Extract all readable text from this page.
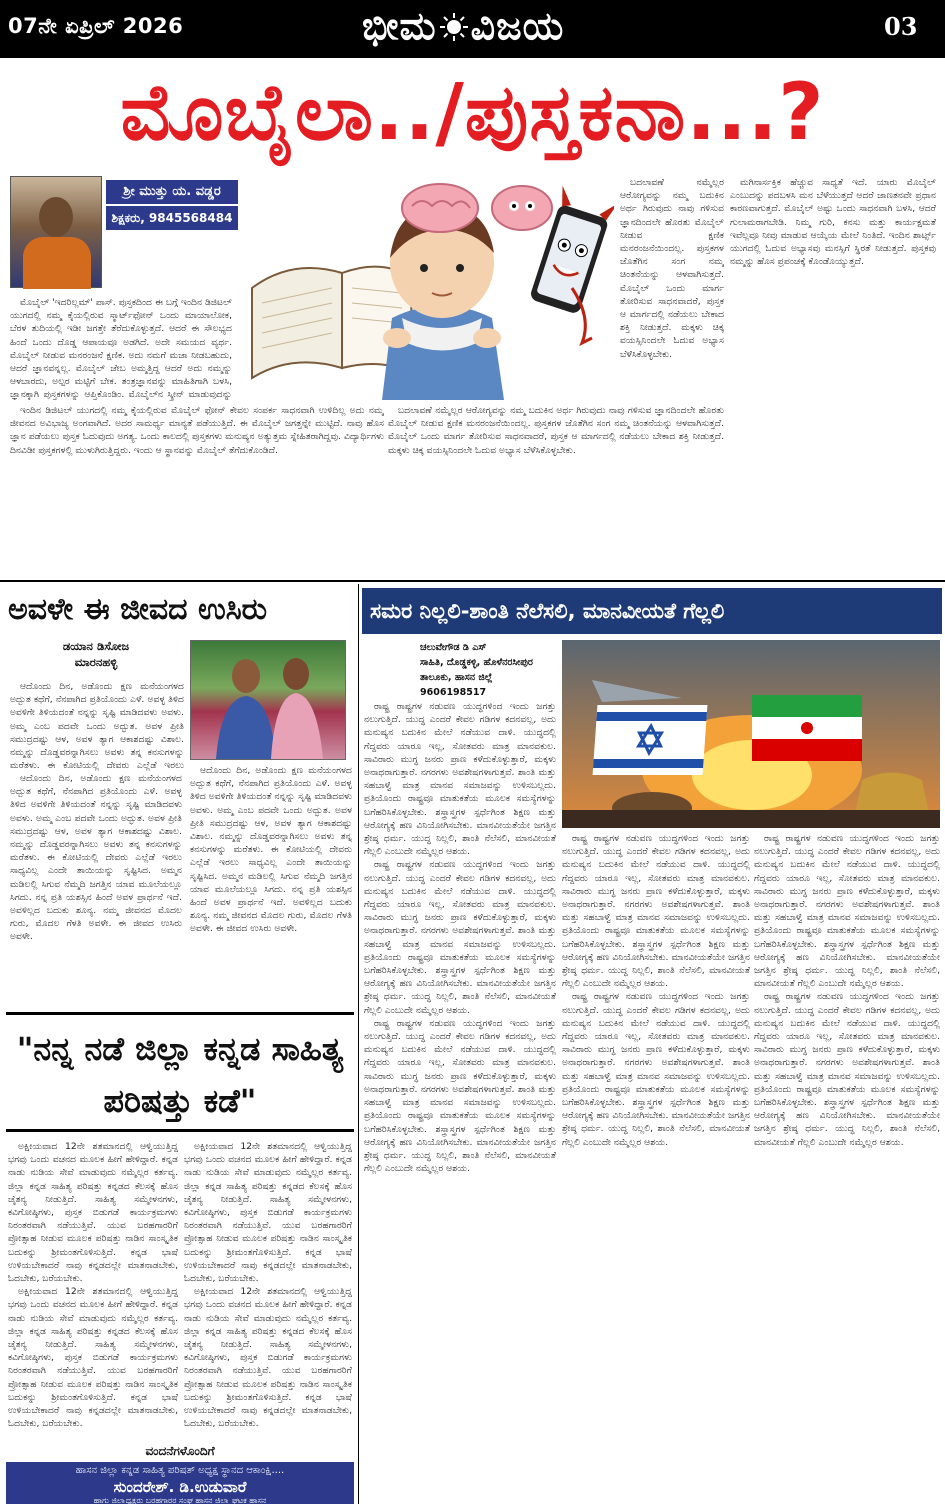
07ನೇ ಏಪ್ರಿಲ್ 2026	ಭೀಮ ವಿಜಯ	03
ಮೊಬೈಲಾ../ಪುಸ್ತಕನಾ...?
ಶ್ರೀ ಮುತ್ತು ಯ. ವಡ್ಡರ
ಶಿಕ್ಷಕರು, 9845568484

ಮೊಬೈಲ್ 'ಇದರಿಲ್ಲಮ್' ಪಾಸ್. ಪುಸ್ತಕದಿಂದ ಈ ಬಗ್ಗೆ ಇಂದಿನ ಡಿಜಿಟಲ್ ಯುಗದಲ್ಲಿ ನಮ್ಮ ಕೈಯಲ್ಲಿರುವ ಸ್ಮಾರ್ಟ್‌ಫೋನ್ ಒಂದು ಮಾಯಾಲೋಕ, ಬೆರಳ ತುದಿಯಲ್ಲಿ ಇಡೀ ಜಗತ್ತೇ ತೆರೆದುಕೊಳ್ಳುತ್ತದೆ. ಆದರೆ ಈ ಸೌಲಭ್ಯದ ಹಿಂದೆ ಒಂದು ದೊಡ್ಡ ಆಪಾಯವೂ ಅಡಗಿದೆ. ಅದೇ ಸಮಯದ ವ್ಯರ್ಥ. ಮೊಬೈಲ್ ನೀಡುವ ಮನರಂಜನೆ ಕ್ಷಣಿಕ. ಅದು ನಮಗೆ ಮಜಾ ನೀಡಬಹುದು, ಆದರೆ ಜ್ಞಾನವನ್ನಲ್ಲ. ಮೊಬೈಲ್ ಜೇಬ ಅಮ್ಮತ್ತಿದ್ದ ಆದರೆ ಅದು ನಮ್ಮನ್ನು ಆಳಬಾರದು, ಅಲ್ಪರ ಮಟ್ಟಿಗೆ ಬೇಕ. ತಂತ್ರಜ್ಞಾನವನ್ನು ಮಾಹಿತಿಗಾಗಿ ಬಳಸಿ, ಜ್ಞಾನಕ್ಕಾಗಿ ಪುಸ್ತಕಗಳನ್ನು ಆಪ್ತಿಕೊಂಡಿಂ. ಮೊಬೈಲ್‌ನ ಸ್ಕ್ರೀನ್ ಮಾಡುವುದನ್ನು

ಇಂದಿನ ಡಿಜಿಟಲ್ ಯುಗದಲ್ಲಿ ನಮ್ಮ ಕೈಯಲ್ಲಿರುವ ಮೊಬೈಲ್ ಫೋನ್ ಕೇವಲ ಸಂಪರ್ಕ ಸಾಧನವಾಗಿ ಉಳಿದಿಲ್ಲ ಅದು ನಮ್ಮ ಜೀವನದ ಅವಿಭಾಜ್ಯ ಅಂಗವಾಗಿದೆ. ಅದರ ಸಾಮರ್ಥ್ಯ ಮಾನ್ಯತೆ ಪಡೆಯುತ್ತಿದೆ. ಈ ಮೊಬೈಲ್ ಜಗತ್ತನ್ನೇ ಮುಟ್ಟಿದೆ. ನಾವು ಹೊಸ ಜ್ಞಾನ ಪಡೆಯಲು ಪುಸ್ತಕ ಓದುವುದು ಅಗತ್ಯ. ಒಂದು ಕಾಲದಲ್ಲಿ ಪುಸ್ತಕಗಳು ಮನುಷ್ಯನ ಅತ್ಯುತ್ತಮ ಸ್ನೇಹಿತರಾಗಿದ್ದವು. ವಿದ್ಯಾರ್ಥಿಗಳು ದಿನವಿಡೀ ಪುಸ್ತಕಗಳಲ್ಲಿ ಮುಳುಗಿರುತ್ತಿದ್ದರು. ಇಂದು ಆ ಸ್ಥಾನವನ್ನು ಮೊಬೈಲ್ ತೆಗೆದುಕೊಂಡಿದೆ.

ಬದಲಾವಣೆ ನಮ್ಮೆಲ್ಲರ ಆರೋಗ್ಯವನ್ನು ನಮ್ಮ ಬದುಕಿನ ಅರ್ಥ ಗಿರುವುದು ನಾವು ಗಳಿಸುವ ಜ್ಞಾನದಿಂದಲೇ ಹೊರತು ಮೊಬೈಲ್ ನೀಡುವ ಕ್ಷಣಿಕ ಮನರಂಜನೆಯಿಂದಲ್ಲ. ಪುಸ್ತಕಗಳ ಜೊತೆಗಿನ ಸಂಗ ನಮ್ಮ ಚಿಂತನೆಯನ್ನು ಆಳವಾಗಿಸುತ್ತದೆ. ಮೊಬೈಲ್ ಒಂದು ಮಾರ್ಗ ತೋರಿಸುವ ಸಾಧನವಾದರೆ, ಪುಸ್ತಕ ಆ ಮಾರ್ಗದಲ್ಲಿ ನಡೆಯಲು ಬೇಕಾದ ಶಕ್ತಿ ನೀಡುತ್ತದೆ. ಮಕ್ಕಳು ಚಿಕ್ಕ ವಯಸ್ಸಿನಿಂದಲೇ ಓದುವ ಅಭ್ಯಾಸ ಬೆಳೆಸಿಕೊಳ್ಳಬೇಕು.

ಬದಲಾವಣೆ ನಮ್ಮೆಲ್ಲರ ಆರೋಗ್ಯವನ್ನು ನಮ್ಮ ಬದುಕಿನ ಅರ್ಥ ಗಿರುವುದು ನಾವು ಗಳಿಸುವ ಜ್ಞಾನದಿಂದಲೇ ಹೊರತು ಮೊಬೈಲ್ ನೀಡುವ ಕ್ಷಣಿಕ ಮನರಂಜನೆಯಿಂದಲ್ಲ. ಪುಸ್ತಕಗಳ ಜೊತೆಗಿನ ಸಂಗ ನಮ್ಮ ಚಿಂತನೆಯನ್ನು ಆಳವಾಗಿಸುತ್ತದೆ. ಮೊಬೈಲ್ ಒಂದು ಮಾರ್ಗ ತೋರಿಸುವ ಸಾಧನವಾದರೆ, ಪುಸ್ತಕ ಆ ಮಾರ್ಗದಲ್ಲಿ ನಡೆಯಲು ಬೇಕಾದ ಶಕ್ತಿ ನೀಡುತ್ತದೆ. ಮಕ್ಕಳು ಚಿಕ್ಕ ವಯಸ್ಸಿನಿಂದಲೇ ಓದುವ ಅಭ್ಯಾಸ ಬೆಳೆಸಿಕೊಳ್ಳಬೇಕು.

ಮಗಿನಾರ್ಸಕ್ತಿಕ ಹೆಚ್ಚುವ ಸಾಧ್ಯತೆ ಇದೆ. ಯಾರು ಮೊಬೈಲ್ ಎಂಬುದನ್ನು ಪದಬಳಸಿ ಮನ ಬೆಳೆಯುತ್ತದೆ ಆದರೆ ಜಾಣತನವೇ ಪ್ರಧಾನ ಕಾರಣವಾಗುತ್ತದೆ. ಮೊಬೈಲ್ ಅಷ್ಟು ಒಂದು ಸಾಧನವಾಗಿ ಬಳಸಿ, ಆದರೆ ಗುಲಾಮರಾಗಬೇಡಿ. ನಿಮ್ಮ ಗುರಿ, ಕನಸು ಮತ್ತು ಕಾರ್ಯಕ್ಷಮತೆ ಇವೆಲ್ಲವೂ ನೀವು ಮಾಡುವ ಆಯ್ಕೆಯ ಮೇಲೆ ನಿಂತಿದೆ. ಇಂದಿನ ಶಾರ್ಟ್ಸ್ ಯುಗದಲ್ಲಿ ಓದುವ ಅಭ್ಯಾಸವು ಮನಸ್ಸಿಗೆ ಸ್ಥಿರತೆ ನೀಡುತ್ತದೆ. ಪುಸ್ತಕವು ನಮ್ಮನ್ನು ಹೊಸ ಪ್ರಪಂಚಕ್ಕೆ ಕೊಂಡೊಯ್ಯುತ್ತದೆ.

ಅವಳೇ ಈ ಜೀವದ ಉಸಿರು
ಡಯಾನ ಡಿಸೋಜ
ಮಾರನಹಳ್ಳಿ

ಆದೊಂದು ದಿನ, ಅಡೊಂದು ಕ್ಷಣ ಮನೆಯಂಗಳದ ಅದ್ಬುತ ಕಥೆಗೆ, ನೆನಪಾಗಿದ ಪ್ರತಿಯೊಂದು ಎಳೆ. ಅವಳ್ಳ ತಿಳಿದ ಅವಳಿಗೇ ತಿಳಿಯದಂತೆ ನನ್ನನ್ನು ಸೃಷ್ಟಿ ಮಾಡಿದವಳು ಅವಳು. ಅಮ್ಮ ಎಂಬ ಪದವೇ ಒಂದು ಅದ್ಭುತ. ಅವಳ ಪ್ರೀತಿ ಸಮುದ್ರದಷ್ಟು ಆಳ, ಅವಳ ತ್ಯಾಗ ಆಕಾಶದಷ್ಟು ವಿಶಾಲ. ನಮ್ಮನ್ನು ದೊಡ್ಡವರನ್ನಾಗಿಸಲು ಅವಳು ತನ್ನ ಕನಸುಗಳನ್ನು ಮರೆತಳು. ಈ ಕೋಟಿಯಲ್ಲಿ ದೇವರು ಎಲ್ಲೆಡೆ ಇರಲು

ಆದೊಂದು ದಿನ, ಅಡೊಂದು ಕ್ಷಣ ಮನೆಯಂಗಳದ ಅದ್ಬುತ ಕಥೆಗೆ, ನೆನಪಾಗಿದ ಪ್ರತಿಯೊಂದು ಎಳೆ. ಅವಳ್ಳ ತಿಳಿದ ಅವಳಿಗೇ ತಿಳಿಯದಂತೆ ನನ್ನನ್ನು ಸೃಷ್ಟಿ ಮಾಡಿದವಳು ಅವಳು. ಅಮ್ಮ ಎಂಬ ಪದವೇ ಒಂದು ಅದ್ಭುತ. ಅವಳ ಪ್ರೀತಿ ಸಮುದ್ರದಷ್ಟು ಆಳ, ಅವಳ ತ್ಯಾಗ ಆಕಾಶದಷ್ಟು ವಿಶಾಲ. ನಮ್ಮನ್ನು ದೊಡ್ಡವರನ್ನಾಗಿಸಲು ಅವಳು ತನ್ನ ಕನಸುಗಳನ್ನು ಮರೆತಳು. ಈ ಕೋಟಿಯಲ್ಲಿ ದೇವರು ಎಲ್ಲೆಡೆ ಇರಲು ಸಾಧ್ಯವಿಲ್ಲ ಎಂದೇ ತಾಯಿಯನ್ನು ಸೃಷ್ಟಿಸಿದ. ಅಮ್ಮನ ಮಡಿಲಲ್ಲಿ ಸಿಗುವ ನೆಮ್ಮದಿ ಜಗತ್ತಿನ ಯಾವ ಮೂಲೆಯಲ್ಲೂ ಸಿಗದು. ನನ್ನ ಪ್ರತಿ ಯಶಸ್ಸಿನ ಹಿಂದೆ ಅವಳ ಪ್ರಾರ್ಥನೆ ಇದೆ. ಅವಳಿಲ್ಲದ ಬದುಕು ಶೂನ್ಯ. ನಮ್ಮ ಜೀವನದ ಮೊದಲ ಗುರು, ಮೊದಲ ಗೆಳತಿ ಅವಳೇ. ಈ ಜೀವದ ಉಸಿರು ಅವಳೇ.

ಆದೊಂದು ದಿನ, ಅಡೊಂದು ಕ್ಷಣ ಮನೆಯಂಗಳದ ಅದ್ಬುತ ಕಥೆಗೆ, ನೆನಪಾಗಿದ ಪ್ರತಿಯೊಂದು ಎಳೆ. ಅವಳ್ಳ ತಿಳಿದ ಅವಳಿಗೇ ತಿಳಿಯದಂತೆ ನನ್ನನ್ನು ಸೃಷ್ಟಿ ಮಾಡಿದವಳು ಅವಳು. ಅಮ್ಮ ಎಂಬ ಪದವೇ ಒಂದು ಅದ್ಭುತ. ಅವಳ ಪ್ರೀತಿ ಸಮುದ್ರದಷ್ಟು ಆಳ, ಅವಳ ತ್ಯಾಗ ಆಕಾಶದಷ್ಟು ವಿಶಾಲ. ನಮ್ಮನ್ನು ದೊಡ್ಡವರನ್ನಾಗಿಸಲು ಅವಳು ತನ್ನ ಕನಸುಗಳನ್ನು ಮರೆತಳು. ಈ ಕೋಟಿಯಲ್ಲಿ ದೇವರು ಎಲ್ಲೆಡೆ ಇರಲು ಸಾಧ್ಯವಿಲ್ಲ ಎಂದೇ ತಾಯಿಯನ್ನು ಸೃಷ್ಟಿಸಿದ. ಅಮ್ಮನ ಮಡಿಲಲ್ಲಿ ಸಿಗುವ ನೆಮ್ಮದಿ ಜಗತ್ತಿನ ಯಾವ ಮೂಲೆಯಲ್ಲೂ ಸಿಗದು. ನನ್ನ ಪ್ರತಿ ಯಶಸ್ಸಿನ ಹಿಂದೆ ಅವಳ ಪ್ರಾರ್ಥನೆ ಇದೆ. ಅವಳಿಲ್ಲದ ಬದುಕು ಶೂನ್ಯ. ನಮ್ಮ ಜೀವನದ ಮೊದಲ ಗುರು, ಮೊದಲ ಗೆಳತಿ ಅವಳೇ. ಈ ಜೀವದ ಉಸಿರು ಅವಳೇ.

ಸಮರ ನಿಲ್ಲಲಿ-ಶಾಂತಿ ನೆಲೆಸಲಿ, ಮಾನವೀಯತೆ ಗೆಲ್ಲಲಿ
ಚಲುವೇಗೌಡ ಡಿ ಎಸ್
ಸಾಹಿತಿ, ದೊಡ್ಡಕಳ್ಳಿ, ಹೊಳೆನರಸೀಪುರ
ತಾಲೂಕು, ಹಾಸನ ಜಿಲ್ಲೆ
9606198517

ರಾಷ್ಟ್ರ ರಾಷ್ಟ್ರಗಳ ನಡುವಣ ಯುದ್ಧಗಳಿಂದ ಇಂದು ಜಗತ್ತು ನಲುಗುತ್ತಿದೆ. ಯುದ್ಧ ಎಂದರೆ ಕೇವಲ ಗಡಿಗಳ ಕದನವಲ್ಲ, ಅದು ಮನುಷ್ಯನ ಬದುಕಿನ ಮೇಲೆ ನಡೆಯುವ ದಾಳಿ. ಯುದ್ಧದಲ್ಲಿ ಗೆದ್ದವರು ಯಾರೂ ಇಲ್ಲ, ಸೋತವರು ಮಾತ್ರ ಮಾನವಕುಲ. ಸಾವಿರಾರು ಮುಗ್ಧ ಜನರು ಪ್ರಾಣ ಕಳೆದುಕೊಳ್ಳುತ್ತಾರೆ, ಮಕ್ಕಳು ಅನಾಥರಾಗುತ್ತಾರೆ. ನಗರಗಳು ಅವಶೇಷಗಳಾಗುತ್ತವೆ. ಶಾಂತಿ ಮತ್ತು ಸಹಬಾಳ್ವೆ ಮಾತ್ರ ಮಾನವ ಸಮಾಜವನ್ನು ಉಳಿಸಬಲ್ಲದು. ಪ್ರತಿಯೊಂದು ರಾಷ್ಟ್ರವೂ ಮಾತುಕತೆಯ ಮೂಲಕ ಸಮಸ್ಯೆಗಳನ್ನು ಬಗೆಹರಿಸಿಕೊಳ್ಳಬೇಕು. ಶಸ್ತ್ರಾಸ್ತ್ರಗಳ ಸ್ಪರ್ಧೆಗಿಂತ ಶಿಕ್ಷಣ ಮತ್ತು ಆರೋಗ್ಯಕ್ಕೆ ಹಣ ವಿನಿಯೋಗಿಸಬೇಕು. ಮಾನವೀಯತೆಯೇ ಜಗತ್ತಿನ ಶ್ರೇಷ್ಠ ಧರ್ಮ. ಯುದ್ಧ ನಿಲ್ಲಲಿ, ಶಾಂತಿ ನೆಲೆಸಲಿ, ಮಾನವೀಯತೆ ಗೆಲ್ಲಲಿ ಎಂಬುದೇ ನಮ್ಮೆಲ್ಲರ ಆಶಯ.

ರಾಷ್ಟ್ರ ರಾಷ್ಟ್ರಗಳ ನಡುವಣ ಯುದ್ಧಗಳಿಂದ ಇಂದು ಜಗತ್ತು ನಲುಗುತ್ತಿದೆ. ಯುದ್ಧ ಎಂದರೆ ಕೇವಲ ಗಡಿಗಳ ಕದನವಲ್ಲ, ಅದು ಮನುಷ್ಯನ ಬದುಕಿನ ಮೇಲೆ ನಡೆಯುವ ದಾಳಿ. ಯುದ್ಧದಲ್ಲಿ ಗೆದ್ದವರು ಯಾರೂ ಇಲ್ಲ, ಸೋತವರು ಮಾತ್ರ ಮಾನವಕುಲ. ಸಾವಿರಾರು ಮುಗ್ಧ ಜನರು ಪ್ರಾಣ ಕಳೆದುಕೊಳ್ಳುತ್ತಾರೆ, ಮಕ್ಕಳು ಅನಾಥರಾಗುತ್ತಾರೆ. ನಗರಗಳು ಅವಶೇಷಗಳಾಗುತ್ತವೆ. ಶಾಂತಿ ಮತ್ತು ಸಹಬಾಳ್ವೆ ಮಾತ್ರ ಮಾನವ ಸಮಾಜವನ್ನು ಉಳಿಸಬಲ್ಲದು. ಪ್ರತಿಯೊಂದು ರಾಷ್ಟ್ರವೂ ಮಾತುಕತೆಯ ಮೂಲಕ ಸಮಸ್ಯೆಗಳನ್ನು ಬಗೆಹರಿಸಿಕೊಳ್ಳಬೇಕು. ಶಸ್ತ್ರಾಸ್ತ್ರಗಳ ಸ್ಪರ್ಧೆಗಿಂತ ಶಿಕ್ಷಣ ಮತ್ತು ಆರೋಗ್ಯಕ್ಕೆ ಹಣ ವಿನಿಯೋಗಿಸಬೇಕು. ಮಾನವೀಯತೆಯೇ ಜಗತ್ತಿನ ಶ್ರೇಷ್ಠ ಧರ್ಮ. ಯುದ್ಧ ನಿಲ್ಲಲಿ, ಶಾಂತಿ ನೆಲೆಸಲಿ, ಮಾನವೀಯತೆ ಗೆಲ್ಲಲಿ ಎಂಬುದೇ ನಮ್ಮೆಲ್ಲರ ಆಶಯ.

ರಾಷ್ಟ್ರ ರಾಷ್ಟ್ರಗಳ ನಡುವಣ ಯುದ್ಧಗಳಿಂದ ಇಂದು ಜಗತ್ತು ನಲುಗುತ್ತಿದೆ. ಯುದ್ಧ ಎಂದರೆ ಕೇವಲ ಗಡಿಗಳ ಕದನವಲ್ಲ, ಅದು ಮನುಷ್ಯನ ಬದುಕಿನ ಮೇಲೆ ನಡೆಯುವ ದಾಳಿ. ಯುದ್ಧದಲ್ಲಿ ಗೆದ್ದವರು ಯಾರೂ ಇಲ್ಲ, ಸೋತವರು ಮಾತ್ರ ಮಾನವಕುಲ. ಸಾವಿರಾರು ಮುಗ್ಧ ಜನರು ಪ್ರಾಣ ಕಳೆದುಕೊಳ್ಳುತ್ತಾರೆ, ಮಕ್ಕಳು ಅನಾಥರಾಗುತ್ತಾರೆ. ನಗರಗಳು ಅವಶೇಷಗಳಾಗುತ್ತವೆ. ಶಾಂತಿ ಮತ್ತು ಸಹಬಾಳ್ವೆ ಮಾತ್ರ ಮಾನವ ಸಮಾಜವನ್ನು ಉಳಿಸಬಲ್ಲದು. ಪ್ರತಿಯೊಂದು ರಾಷ್ಟ್ರವೂ ಮಾತುಕತೆಯ ಮೂಲಕ ಸಮಸ್ಯೆಗಳನ್ನು ಬಗೆಹರಿಸಿಕೊಳ್ಳಬೇಕು. ಶಸ್ತ್ರಾಸ್ತ್ರಗಳ ಸ್ಪರ್ಧೆಗಿಂತ ಶಿಕ್ಷಣ ಮತ್ತು ಆರೋಗ್ಯಕ್ಕೆ ಹಣ ವಿನಿಯೋಗಿಸಬೇಕು. ಮಾನವೀಯತೆಯೇ ಜಗತ್ತಿನ ಶ್ರೇಷ್ಠ ಧರ್ಮ. ಯುದ್ಧ ನಿಲ್ಲಲಿ, ಶಾಂತಿ ನೆಲೆಸಲಿ, ಮಾನವೀಯತೆ ಗೆಲ್ಲಲಿ ಎಂಬುದೇ ನಮ್ಮೆಲ್ಲರ ಆಶಯ.

ರಾಷ್ಟ್ರ ರಾಷ್ಟ್ರಗಳ ನಡುವಣ ಯುದ್ಧಗಳಿಂದ ಇಂದು ಜಗತ್ತು ನಲುಗುತ್ತಿದೆ. ಯುದ್ಧ ಎಂದರೆ ಕೇವಲ ಗಡಿಗಳ ಕದನವಲ್ಲ, ಅದು ಮನುಷ್ಯನ ಬದುಕಿನ ಮೇಲೆ ನಡೆಯುವ ದಾಳಿ. ಯುದ್ಧದಲ್ಲಿ ಗೆದ್ದವರು ಯಾರೂ ಇಲ್ಲ, ಸೋತವರು ಮಾತ್ರ ಮಾನವಕುಲ. ಸಾವಿರಾರು ಮುಗ್ಧ ಜನರು ಪ್ರಾಣ ಕಳೆದುಕೊಳ್ಳುತ್ತಾರೆ, ಮಕ್ಕಳು ಅನಾಥರಾಗುತ್ತಾರೆ. ನಗರಗಳು ಅವಶೇಷಗಳಾಗುತ್ತವೆ. ಶಾಂತಿ ಮತ್ತು ಸಹಬಾಳ್ವೆ ಮಾತ್ರ ಮಾನವ ಸಮಾಜವನ್ನು ಉಳಿಸಬಲ್ಲದು. ಪ್ರತಿಯೊಂದು ರಾಷ್ಟ್ರವೂ ಮಾತುಕತೆಯ ಮೂಲಕ ಸಮಸ್ಯೆಗಳನ್ನು ಬಗೆಹರಿಸಿಕೊಳ್ಳಬೇಕು. ಶಸ್ತ್ರಾಸ್ತ್ರಗಳ ಸ್ಪರ್ಧೆಗಿಂತ ಶಿಕ್ಷಣ ಮತ್ತು ಆರೋಗ್ಯಕ್ಕೆ ಹಣ ವಿನಿಯೋಗಿಸಬೇಕು. ಮಾನವೀಯತೆಯೇ ಜಗತ್ತಿನ ಶ್ರೇಷ್ಠ ಧರ್ಮ. ಯುದ್ಧ ನಿಲ್ಲಲಿ, ಶಾಂತಿ ನೆಲೆಸಲಿ, ಮಾನವೀಯತೆ ಗೆಲ್ಲಲಿ ಎಂಬುದೇ ನಮ್ಮೆಲ್ಲರ ಆಶಯ.

ರಾಷ್ಟ್ರ ರಾಷ್ಟ್ರಗಳ ನಡುವಣ ಯುದ್ಧಗಳಿಂದ ಇಂದು ಜಗತ್ತು ನಲುಗುತ್ತಿದೆ. ಯುದ್ಧ ಎಂದರೆ ಕೇವಲ ಗಡಿಗಳ ಕದನವಲ್ಲ, ಅದು ಮನುಷ್ಯನ ಬದುಕಿನ ಮೇಲೆ ನಡೆಯುವ ದಾಳಿ. ಯುದ್ಧದಲ್ಲಿ ಗೆದ್ದವರು ಯಾರೂ ಇಲ್ಲ, ಸೋತವರು ಮಾತ್ರ ಮಾನವಕುಲ. ಸಾವಿರಾರು ಮುಗ್ಧ ಜನರು ಪ್ರಾಣ ಕಳೆದುಕೊಳ್ಳುತ್ತಾರೆ, ಮಕ್ಕಳು ಅನಾಥರಾಗುತ್ತಾರೆ. ನಗರಗಳು ಅವಶೇಷಗಳಾಗುತ್ತವೆ. ಶಾಂತಿ ಮತ್ತು ಸಹಬಾಳ್ವೆ ಮಾತ್ರ ಮಾನವ ಸಮಾಜವನ್ನು ಉಳಿಸಬಲ್ಲದು. ಪ್ರತಿಯೊಂದು ರಾಷ್ಟ್ರವೂ ಮಾತುಕತೆಯ ಮೂಲಕ ಸಮಸ್ಯೆಗಳನ್ನು ಬಗೆಹರಿಸಿಕೊಳ್ಳಬೇಕು. ಶಸ್ತ್ರಾಸ್ತ್ರಗಳ ಸ್ಪರ್ಧೆಗಿಂತ ಶಿಕ್ಷಣ ಮತ್ತು ಆರೋಗ್ಯಕ್ಕೆ ಹಣ ವಿನಿಯೋಗಿಸಬೇಕು. ಮಾನವೀಯತೆಯೇ ಜಗತ್ತಿನ ಶ್ರೇಷ್ಠ ಧರ್ಮ. ಯುದ್ಧ ನಿಲ್ಲಲಿ, ಶಾಂತಿ ನೆಲೆಸಲಿ, ಮಾನವೀಯತೆ ಗೆಲ್ಲಲಿ ಎಂಬುದೇ ನಮ್ಮೆಲ್ಲರ ಆಶಯ.

ರಾಷ್ಟ್ರ ರಾಷ್ಟ್ರಗಳ ನಡುವಣ ಯುದ್ಧಗಳಿಂದ ಇಂದು ಜಗತ್ತು ನಲುಗುತ್ತಿದೆ. ಯುದ್ಧ ಎಂದರೆ ಕೇವಲ ಗಡಿಗಳ ಕದನವಲ್ಲ, ಅದು ಮನುಷ್ಯನ ಬದುಕಿನ ಮೇಲೆ ನಡೆಯುವ ದಾಳಿ. ಯುದ್ಧದಲ್ಲಿ ಗೆದ್ದವರು ಯಾರೂ ಇಲ್ಲ, ಸೋತವರು ಮಾತ್ರ ಮಾನವಕುಲ. ಸಾವಿರಾರು ಮುಗ್ಧ ಜನರು ಪ್ರಾಣ ಕಳೆದುಕೊಳ್ಳುತ್ತಾರೆ, ಮಕ್ಕಳು ಅನಾಥರಾಗುತ್ತಾರೆ. ನಗರಗಳು ಅವಶೇಷಗಳಾಗುತ್ತವೆ. ಶಾಂತಿ ಮತ್ತು ಸಹಬಾಳ್ವೆ ಮಾತ್ರ ಮಾನವ ಸಮಾಜವನ್ನು ಉಳಿಸಬಲ್ಲದು. ಪ್ರತಿಯೊಂದು ರಾಷ್ಟ್ರವೂ ಮಾತುಕತೆಯ ಮೂಲಕ ಸಮಸ್ಯೆಗಳನ್ನು ಬಗೆಹರಿಸಿಕೊಳ್ಳಬೇಕು. ಶಸ್ತ್ರಾಸ್ತ್ರಗಳ ಸ್ಪರ್ಧೆಗಿಂತ ಶಿಕ್ಷಣ ಮತ್ತು ಆರೋಗ್ಯಕ್ಕೆ ಹಣ ವಿನಿಯೋಗಿಸಬೇಕು. ಮಾನವೀಯತೆಯೇ ಜಗತ್ತಿನ ಶ್ರೇಷ್ಠ ಧರ್ಮ. ಯುದ್ಧ ನಿಲ್ಲಲಿ, ಶಾಂತಿ ನೆಲೆಸಲಿ, ಮಾನವೀಯತೆ ಗೆಲ್ಲಲಿ ಎಂಬುದೇ ನಮ್ಮೆಲ್ಲರ ಆಶಯ.

ರಾಷ್ಟ್ರ ರಾಷ್ಟ್ರಗಳ ನಡುವಣ ಯುದ್ಧಗಳಿಂದ ಇಂದು ಜಗತ್ತು ನಲುಗುತ್ತಿದೆ. ಯುದ್ಧ ಎಂದರೆ ಕೇವಲ ಗಡಿಗಳ ಕದನವಲ್ಲ, ಅದು ಮನುಷ್ಯನ ಬದುಕಿನ ಮೇಲೆ ನಡೆಯುವ ದಾಳಿ. ಯುದ್ಧದಲ್ಲಿ ಗೆದ್ದವರು ಯಾರೂ ಇಲ್ಲ, ಸೋತವರು ಮಾತ್ರ ಮಾನವಕುಲ. ಸಾವಿರಾರು ಮುಗ್ಧ ಜನರು ಪ್ರಾಣ ಕಳೆದುಕೊಳ್ಳುತ್ತಾರೆ, ಮಕ್ಕಳು ಅನಾಥರಾಗುತ್ತಾರೆ. ನಗರಗಳು ಅವಶೇಷಗಳಾಗುತ್ತವೆ. ಶಾಂತಿ ಮತ್ತು ಸಹಬಾಳ್ವೆ ಮಾತ್ರ ಮಾನವ ಸಮಾಜವನ್ನು ಉಳಿಸಬಲ್ಲದು. ಪ್ರತಿಯೊಂದು ರಾಷ್ಟ್ರವೂ ಮಾತುಕತೆಯ ಮೂಲಕ ಸಮಸ್ಯೆಗಳನ್ನು ಬಗೆಹರಿಸಿಕೊಳ್ಳಬೇಕು. ಶಸ್ತ್ರಾಸ್ತ್ರಗಳ ಸ್ಪರ್ಧೆಗಿಂತ ಶಿಕ್ಷಣ ಮತ್ತು ಆರೋಗ್ಯಕ್ಕೆ ಹಣ ವಿನಿಯೋಗಿಸಬೇಕು. ಮಾನವೀಯತೆಯೇ ಜಗತ್ತಿನ ಶ್ರೇಷ್ಠ ಧರ್ಮ. ಯುದ್ಧ ನಿಲ್ಲಲಿ, ಶಾಂತಿ ನೆಲೆಸಲಿ, ಮಾನವೀಯತೆ ಗೆಲ್ಲಲಿ ಎಂಬುದೇ ನಮ್ಮೆಲ್ಲರ ಆಶಯ.

"ನನ್ನ ನಡೆ ಜಿಲ್ಲಾ ಕನ್ನಡ ಸಾಹಿತ್ಯ ಪರಿಷತ್ತು ಕಡೆ"

ಅಕ್ಷೀಯವಾದ 12ನೇ ಶತಮಾನದಲ್ಲಿ ಆಳ್ವಿಯುತ್ತಿದ್ದ ಭಗವು ಒಂದು ವಚನದ ಮೂಲಕ ಹೀಗೆ ಹೇಳಿದ್ದಾರೆ. ಕನ್ನಡ ನಾಡು ನುಡಿಯ ಸೇವೆ ಮಾಡುವುದು ನಮ್ಮೆಲ್ಲರ ಕರ್ತವ್ಯ. ಜಿಲ್ಲಾ ಕನ್ನಡ ಸಾಹಿತ್ಯ ಪರಿಷತ್ತು ಕನ್ನಡದ ಕೆಲಸಕ್ಕೆ ಹೊಸ ಚೈತನ್ಯ ನೀಡುತ್ತಿದೆ. ಸಾಹಿತ್ಯ ಸಮ್ಮೇಳನಗಳು, ಕವಿಗೋಷ್ಠಿಗಳು, ಪುಸ್ತಕ ಬಿಡುಗಡೆ ಕಾರ್ಯಕ್ರಮಗಳು ನಿರಂತರವಾಗಿ ನಡೆಯುತ್ತಿವೆ. ಯುವ ಬರಹಗಾರರಿಗೆ ಪ್ರೋತ್ಸಾಹ ನೀಡುವ ಮೂಲಕ ಪರಿಷತ್ತು ನಾಡಿನ ಸಾಂಸ್ಕೃತಿಕ ಬದುಕನ್ನು ಶ್ರೀಮಂತಗೊಳಿಸುತ್ತಿದೆ. ಕನ್ನಡ ಭಾಷೆ ಉಳಿಯಬೇಕಾದರೆ ನಾವು ಕನ್ನಡದಲ್ಲೇ ಮಾತನಾಡಬೇಕು, ಓದಬೇಕು, ಬರೆಯಬೇಕು.

ಅಕ್ಷೀಯವಾದ 12ನೇ ಶತಮಾನದಲ್ಲಿ ಆಳ್ವಿಯುತ್ತಿದ್ದ ಭಗವು ಒಂದು ವಚನದ ಮೂಲಕ ಹೀಗೆ ಹೇಳಿದ್ದಾರೆ. ಕನ್ನಡ ನಾಡು ನುಡಿಯ ಸೇವೆ ಮಾಡುವುದು ನಮ್ಮೆಲ್ಲರ ಕರ್ತವ್ಯ. ಜಿಲ್ಲಾ ಕನ್ನಡ ಸಾಹಿತ್ಯ ಪರಿಷತ್ತು ಕನ್ನಡದ ಕೆಲಸಕ್ಕೆ ಹೊಸ ಚೈತನ್ಯ ನೀಡುತ್ತಿದೆ. ಸಾಹಿತ್ಯ ಸಮ್ಮೇಳನಗಳು, ಕವಿಗೋಷ್ಠಿಗಳು, ಪುಸ್ತಕ ಬಿಡುಗಡೆ ಕಾರ್ಯಕ್ರಮಗಳು ನಿರಂತರವಾಗಿ ನಡೆಯುತ್ತಿವೆ. ಯುವ ಬರಹಗಾರರಿಗೆ ಪ್ರೋತ್ಸಾಹ ನೀಡುವ ಮೂಲಕ ಪರಿಷತ್ತು ನಾಡಿನ ಸಾಂಸ್ಕೃತಿಕ ಬದುಕನ್ನು ಶ್ರೀಮಂತಗೊಳಿಸುತ್ತಿದೆ. ಕನ್ನಡ ಭಾಷೆ ಉಳಿಯಬೇಕಾದರೆ ನಾವು ಕನ್ನಡದಲ್ಲೇ ಮಾತನಾಡಬೇಕು, ಓದಬೇಕು, ಬರೆಯಬೇಕು.

ಅಕ್ಷೀಯವಾದ 12ನೇ ಶತಮಾನದಲ್ಲಿ ಆಳ್ವಿಯುತ್ತಿದ್ದ ಭಗವು ಒಂದು ವಚನದ ಮೂಲಕ ಹೀಗೆ ಹೇಳಿದ್ದಾರೆ. ಕನ್ನಡ ನಾಡು ನುಡಿಯ ಸೇವೆ ಮಾಡುವುದು ನಮ್ಮೆಲ್ಲರ ಕರ್ತವ್ಯ. ಜಿಲ್ಲಾ ಕನ್ನಡ ಸಾಹಿತ್ಯ ಪರಿಷತ್ತು ಕನ್ನಡದ ಕೆಲಸಕ್ಕೆ ಹೊಸ ಚೈತನ್ಯ ನೀಡುತ್ತಿದೆ. ಸಾಹಿತ್ಯ ಸಮ್ಮೇಳನಗಳು, ಕವಿಗೋಷ್ಠಿಗಳು, ಪುಸ್ತಕ ಬಿಡುಗಡೆ ಕಾರ್ಯಕ್ರಮಗಳು ನಿರಂತರವಾಗಿ ನಡೆಯುತ್ತಿವೆ. ಯುವ ಬರಹಗಾರರಿಗೆ ಪ್ರೋತ್ಸಾಹ ನೀಡುವ ಮೂಲಕ ಪರಿಷತ್ತು ನಾಡಿನ ಸಾಂಸ್ಕೃತಿಕ ಬದುಕನ್ನು ಶ್ರೀಮಂತಗೊಳಿಸುತ್ತಿದೆ. ಕನ್ನಡ ಭಾಷೆ ಉಳಿಯಬೇಕಾದರೆ ನಾವು ಕನ್ನಡದಲ್ಲೇ ಮಾತನಾಡಬೇಕು, ಓದಬೇಕು, ಬರೆಯಬೇಕು.

ಅಕ್ಷೀಯವಾದ 12ನೇ ಶತಮಾನದಲ್ಲಿ ಆಳ್ವಿಯುತ್ತಿದ್ದ ಭಗವು ಒಂದು ವಚನದ ಮೂಲಕ ಹೀಗೆ ಹೇಳಿದ್ದಾರೆ. ಕನ್ನಡ ನಾಡು ನುಡಿಯ ಸೇವೆ ಮಾಡುವುದು ನಮ್ಮೆಲ್ಲರ ಕರ್ತವ್ಯ. ಜಿಲ್ಲಾ ಕನ್ನಡ ಸಾಹಿತ್ಯ ಪರಿಷತ್ತು ಕನ್ನಡದ ಕೆಲಸಕ್ಕೆ ಹೊಸ ಚೈತನ್ಯ ನೀಡುತ್ತಿದೆ. ಸಾಹಿತ್ಯ ಸಮ್ಮೇಳನಗಳು, ಕವಿಗೋಷ್ಠಿಗಳು, ಪುಸ್ತಕ ಬಿಡುಗಡೆ ಕಾರ್ಯಕ್ರಮಗಳು ನಿರಂತರವಾಗಿ ನಡೆಯುತ್ತಿವೆ. ಯುವ ಬರಹಗಾರರಿಗೆ ಪ್ರೋತ್ಸಾಹ ನೀಡುವ ಮೂಲಕ ಪರಿಷತ್ತು ನಾಡಿನ ಸಾಂಸ್ಕೃತಿಕ ಬದುಕನ್ನು ಶ್ರೀಮಂತಗೊಳಿಸುತ್ತಿದೆ. ಕನ್ನಡ ಭಾಷೆ ಉಳಿಯಬೇಕಾದರೆ ನಾವು ಕನ್ನಡದಲ್ಲೇ ಮಾತನಾಡಬೇಕು, ಓದಬೇಕು, ಬರೆಯಬೇಕು.

ವಂದನೆಗಳೊಂದಿಗೆ
ಹಾಸನ ಜಿಲ್ಲಾ ಕನ್ನಡ ಸಾಹಿತ್ಯ ಪರಿಷತ್ ಅಧ್ಯಕ್ಷ ಸ್ಥಾನದ ಆಕಾಂಕ್ಷಿ....
ಸುಂದರೇಶ್. ಡಿ.ಉಡುವಾರೆ
ಹಾಗು ಜಿಲ್ಲಾಧ್ಯಕ್ಷರು ಬರಹಗಾರರ ಸಂಘ ಹಾಸನ ಜಿಲ್ಲಾ ಘಟಕ ಹಾಸನ
